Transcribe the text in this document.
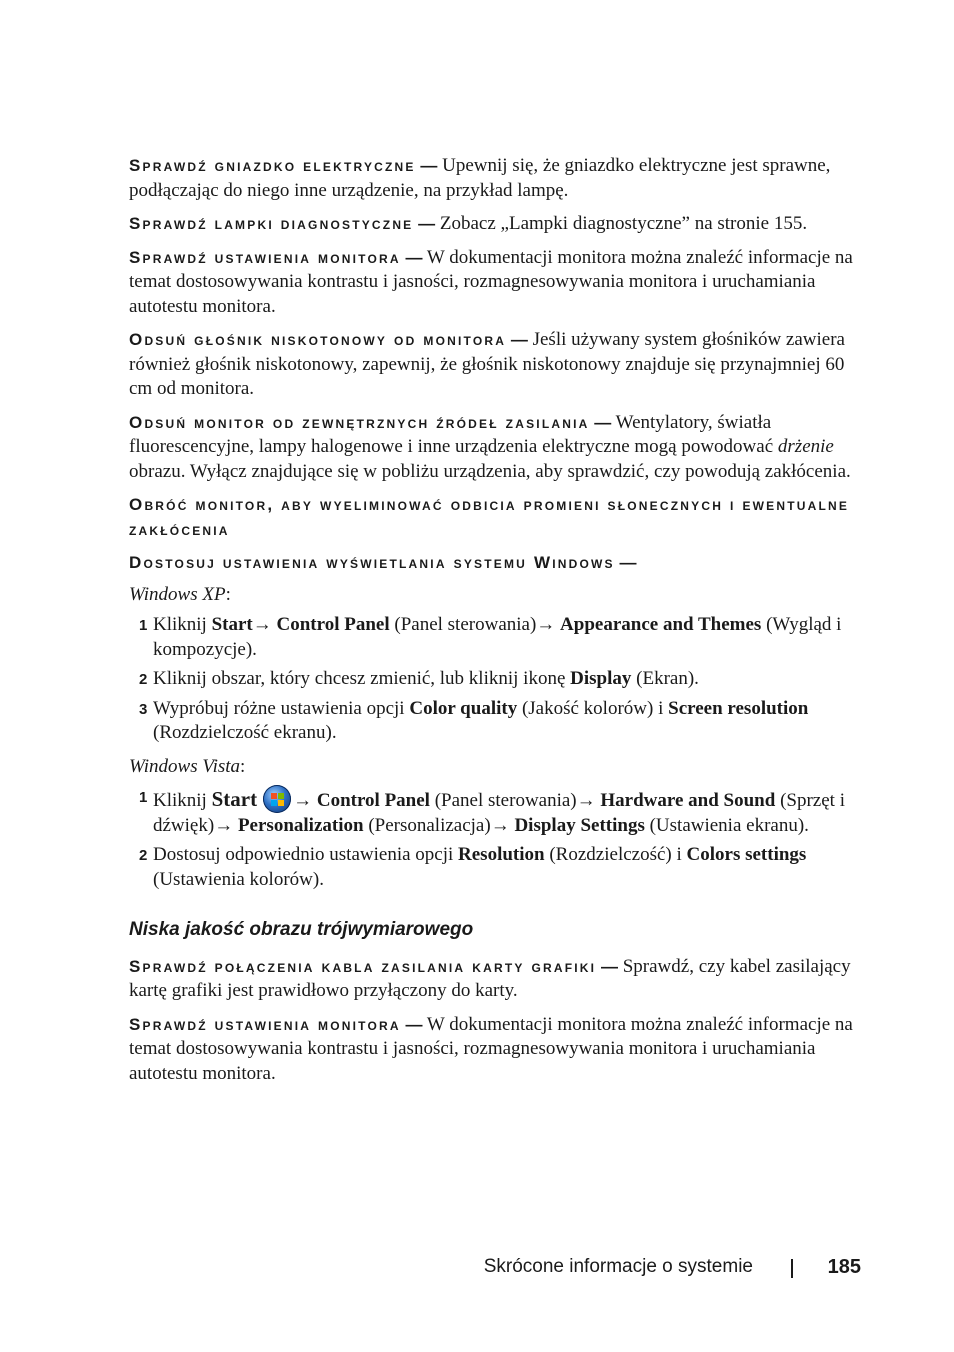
Sprawdź gniazdko elektryczne — Upewnij się, że gniazdko elektryczne jest sprawne, podłączając do niego inne urządzenie, na przykład lampę.

Sprawdź lampki diagnostyczne — Zobacz „Lampki diagnostyczne” na stronie 155.

Sprawdź ustawienia monitora — W dokumentacji monitora można znaleźć informacje na temat dostosowywania kontrastu i jasności, rozmagnesowywania monitora i uruchamiania autotestu monitora.

Odsuń głośnik niskotonowy od monitora — Jeśli używany system głośników zawiera również głośnik niskotonowy, zapewnij, że głośnik niskotonowy znajduje się przynajmniej 60 cm od monitora.

Odsuń monitor od zewnętrznych źródeł zasilania — Wentylatory, światła fluorescencyjne, lampy halogenowe i inne urządzenia elektryczne mogą powodować drżenie obrazu. Wyłącz znajdujące się w pobliżu urządzenia, aby sprawdzić, czy powodują zakłócenia.

Obróć monitor, aby wyeliminować odbicia promieni słonecznych i ewentualne zakłócenia

Dostosuj ustawienia wyświetlania systemu Windows —

Windows XP:

1 Kliknij Start→ Control Panel (Panel sterowania)→ Appearance and Themes (Wygląd i kompozycje).
2 Kliknij obszar, który chcesz zmienić, lub kliknij ikonę Display (Ekran).
3 Wypróbuj różne ustawienia opcji Color quality (Jakość kolorów) i Screen resolution (Rozdzielczość ekranu).

Windows Vista:

1 Kliknij Start → Control Panel (Panel sterowania)→ Hardware and Sound (Sprzęt i dźwięk)→ Personalization (Personalizacja)→ Display Settings (Ustawienia ekranu).
2 Dostosuj odpowiednio ustawienia opcji Resolution (Rozdzielczość) i Colors settings (Ustawienia kolorów).

Niska jakość obrazu trójwymiarowego

Sprawdź połączenia kabla zasilania karty grafiki — Sprawdź, czy kabel zasilający kartę grafiki jest prawidłowo przyłączony do karty.

Sprawdź ustawienia monitora — W dokumentacji monitora można znaleźć informacje na temat dostosowywania kontrastu i jasności, rozmagnesowywania monitora i uruchamiania autotestu monitora.

Skrócone informacje o systemie	185
